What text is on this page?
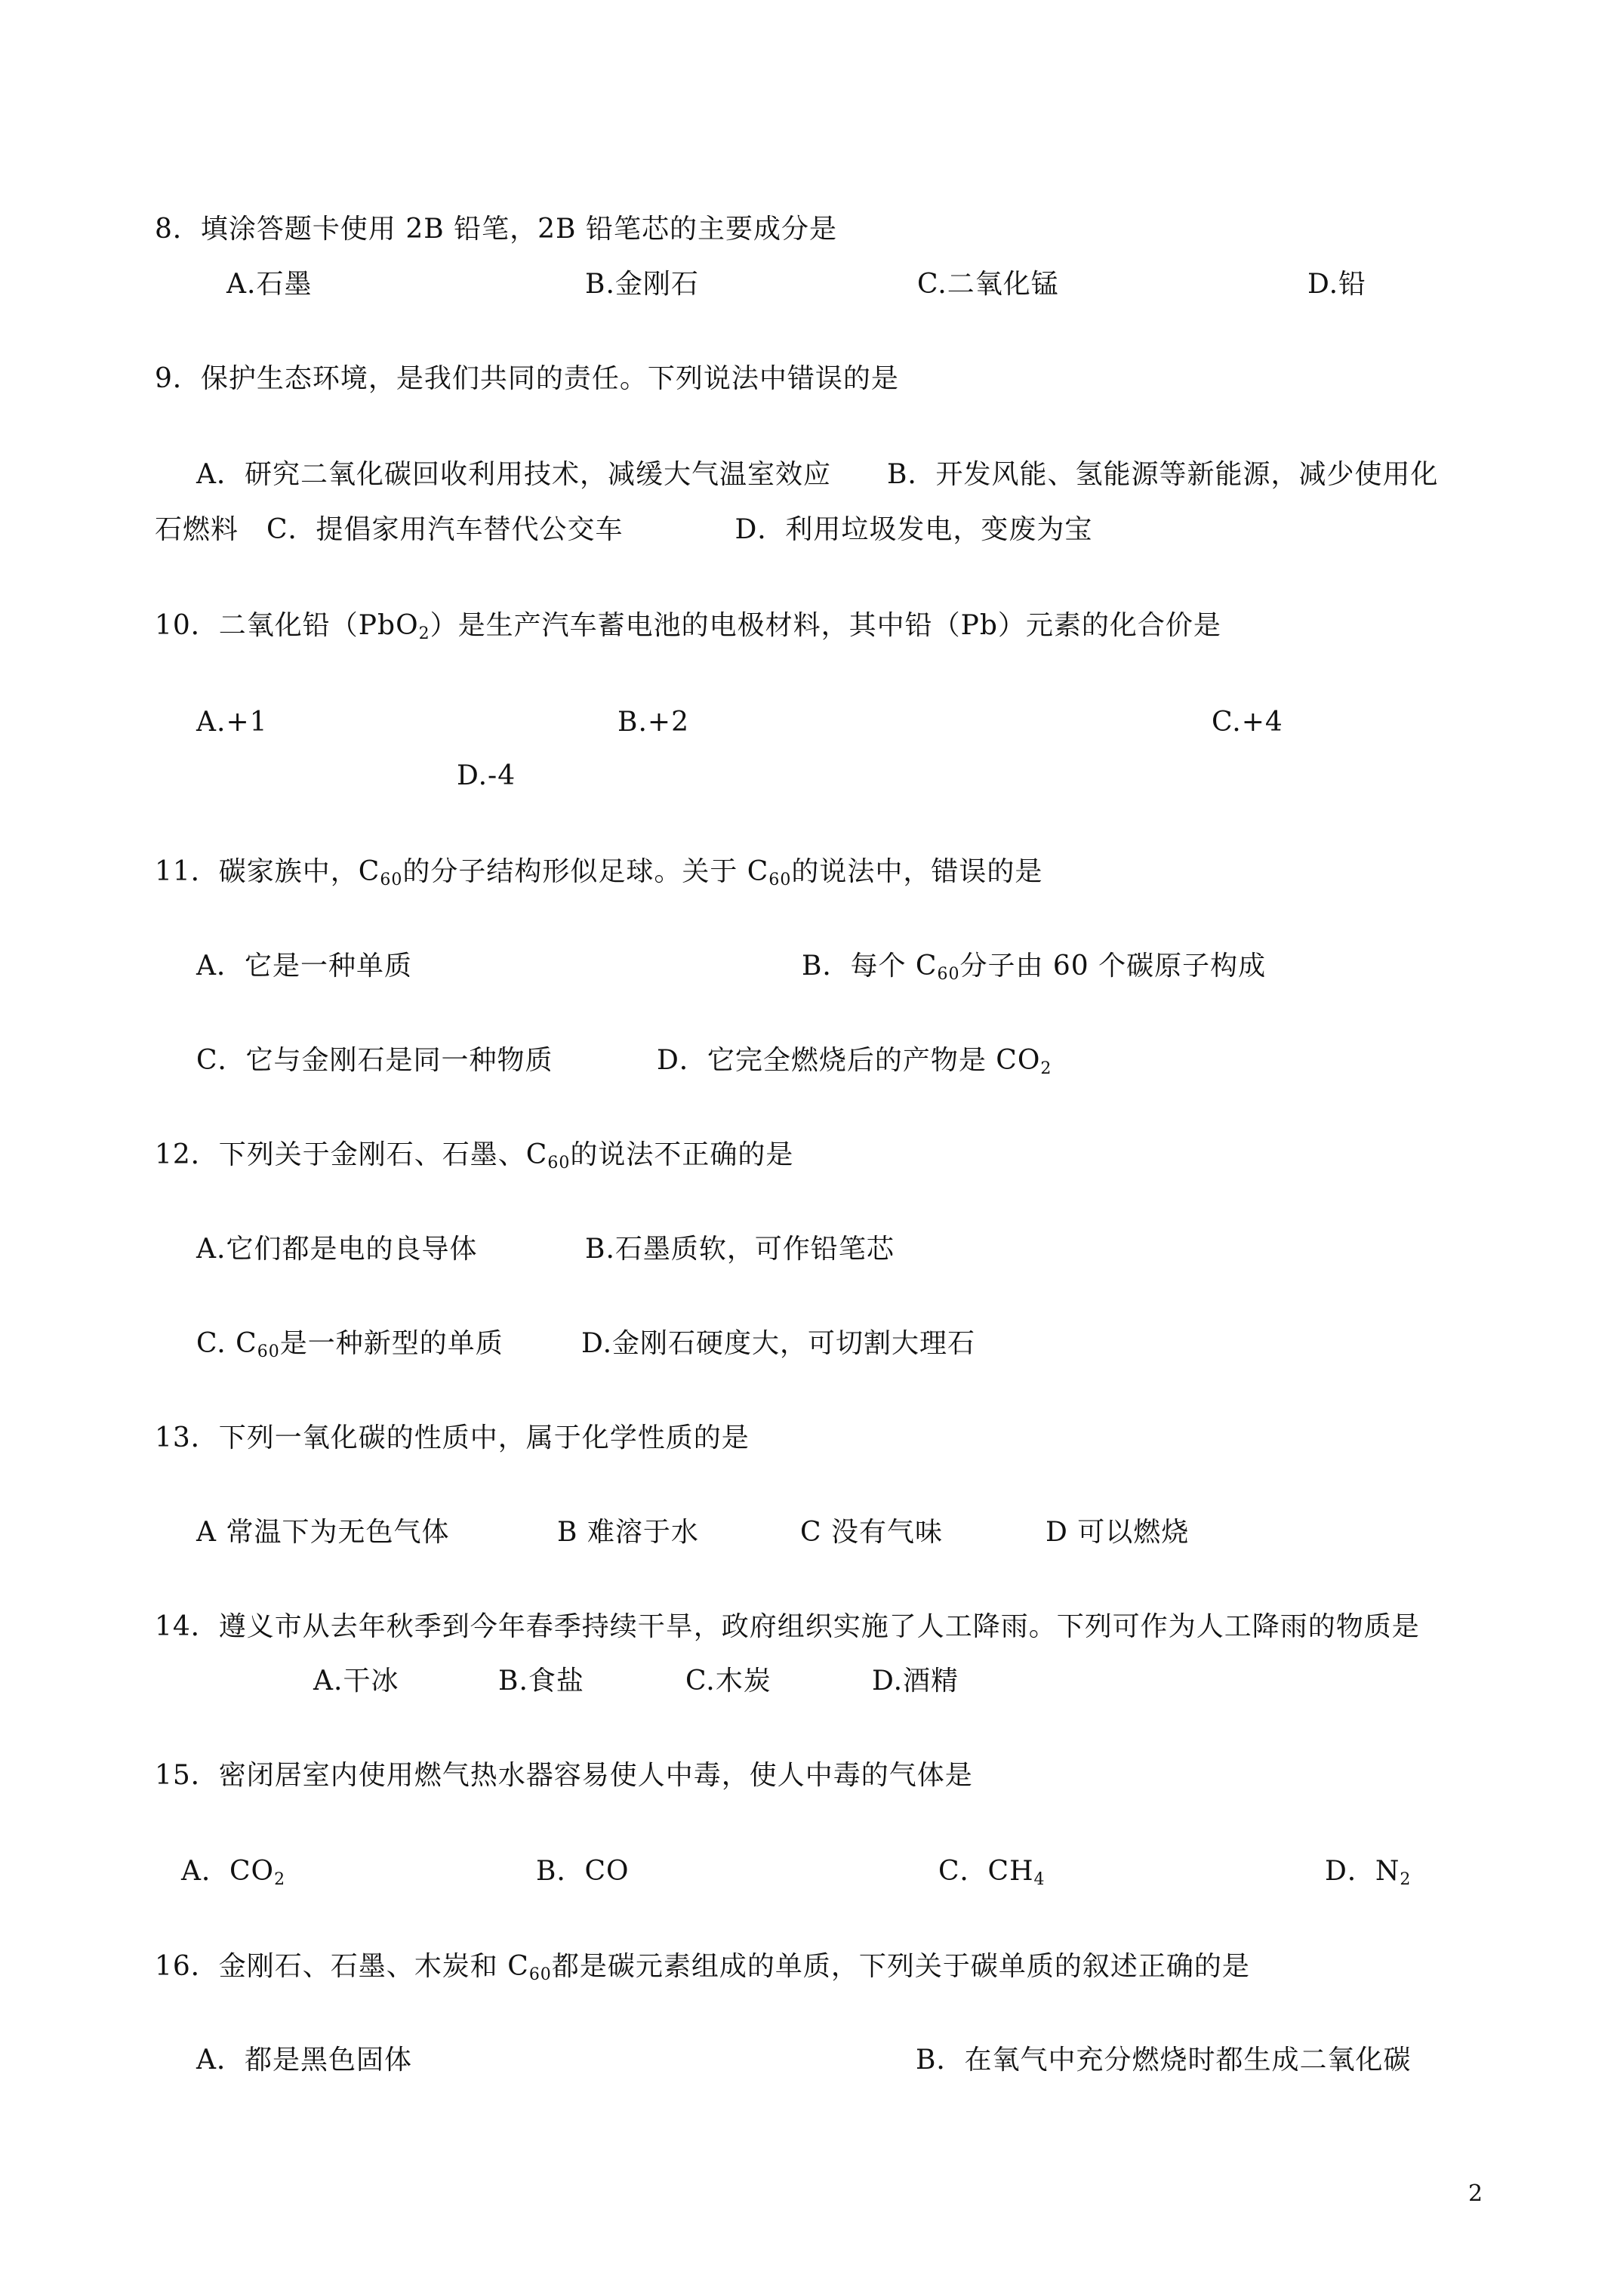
8．填涂答题卡使用 2B 铅笔，2B 铅笔芯的主要成分是
A.石墨	B.金刚石	C.二氧化锰	D.铅
9．保护生态环境，是我们共同的责任。下列说法中错误的是
A．研究二氧化碳回收利用技术，减缓大气温室效应　　B．开发风能、氢能源等新能源，减少使用化
石燃料　C．提倡家用汽车替代公交车　　　　D．利用垃圾发电，变废为宝
10．二氧化铅（PbO$_2$）是生产汽车蓄电池的电极材料，其中铅（Pb）元素的化合价是
A.+1	B.+2	C.+4
D.-4
11．碳家族中，$C_{60}$的分子结构形似足球。关于 $C_{60}$的说法中，错误的是
A．它是一种单质	B．每个 $C_{60}$分子由 60 个碳原子构成
C．它与金刚石是同一种物质	D．它完全燃烧后的产物是 $CO_2$
12．下列关于金刚石、石墨、$C_{60}$的说法不正确的是
A.它们都是电的良导体	B.石墨质软，可作铅笔芯
C. $C_{60}$是一种新型的单质	D.金刚石硬度大，可切割大理石
13．下列一氧化碳的性质中，属于化学性质的是
A 常温下为无色气体	B 难溶于水	C 没有气味	D 可以燃烧
14．遵义市从去年秋季到今年春季持续干旱，政府组织实施了人工降雨。下列可作为人工降雨的物质是
A.干冰	B.食盐	C.木炭	D.酒精
15．密闭居室内使用燃气热水器容易使人中毒，使人中毒的气体是
A．$CO_2$	B．CO	C．$CH_4$	D．$N_2$
16．金刚石、石墨、木炭和 $C_{60}$都是碳元素组成的单质，下列关于碳单质的叙述正确的是
A．都是黑色固体	B．在氧气中充分燃烧时都生成二氧化碳
2
